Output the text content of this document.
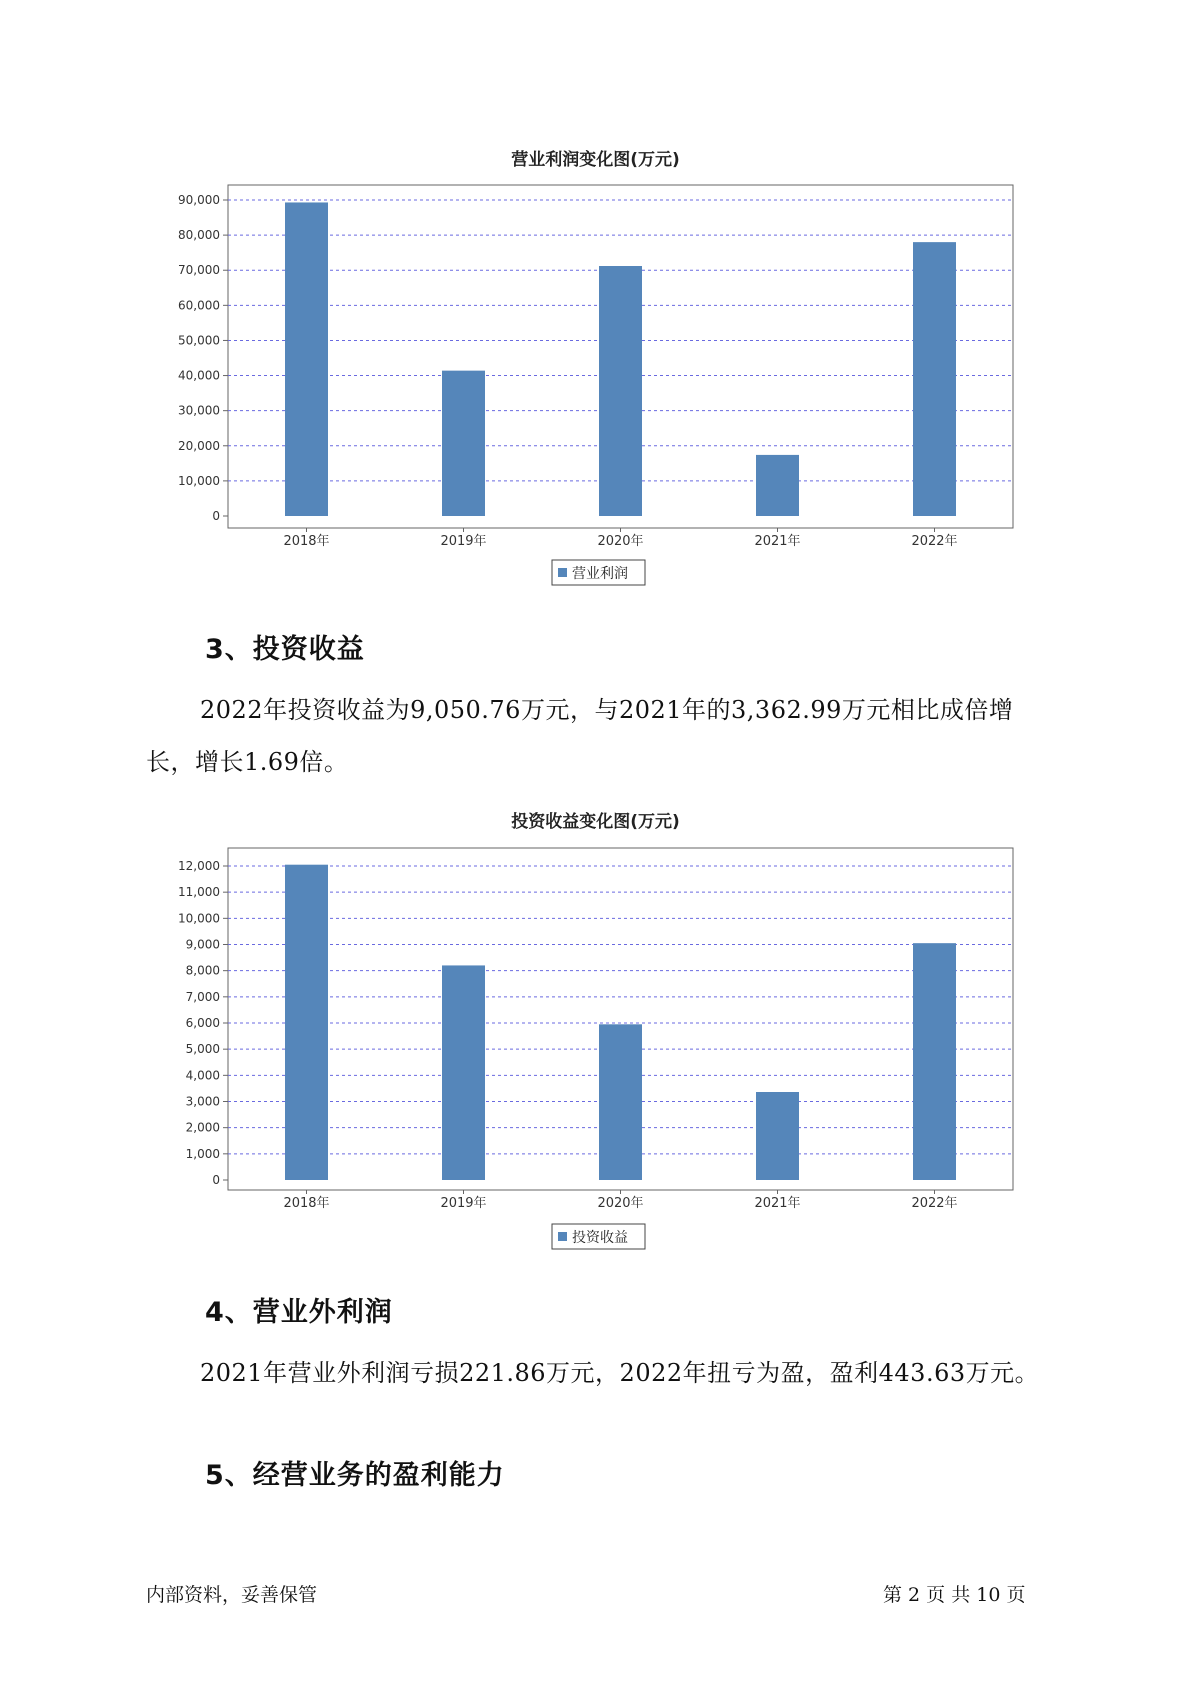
营业利润变化图(万元)
0
10,000
20,000
30,000
40,000
50,000
60,000
70,000
80,000
90,000
2018年	2019年	2020年	2021年	2022年
营业利润
3、投资收益
2022年投资收益为9,050.76万元，与2021年的3,362.99万元相比成倍增长，增长1.69倍。
投资收益变化图(万元)
0
1,000
2,000
3,000
4,000
5,000
6,000
7,000
8,000
9,000
10,000
11,000
12,000
2018年	2019年	2020年	2021年	2022年
投资收益
4、营业外利润
2021年营业外利润亏损221.86万元，2022年扭亏为盈，盈利443.63万元。
5、经营业务的盈利能力
内部资料，妥善保管	第 2 页 共 10 页
